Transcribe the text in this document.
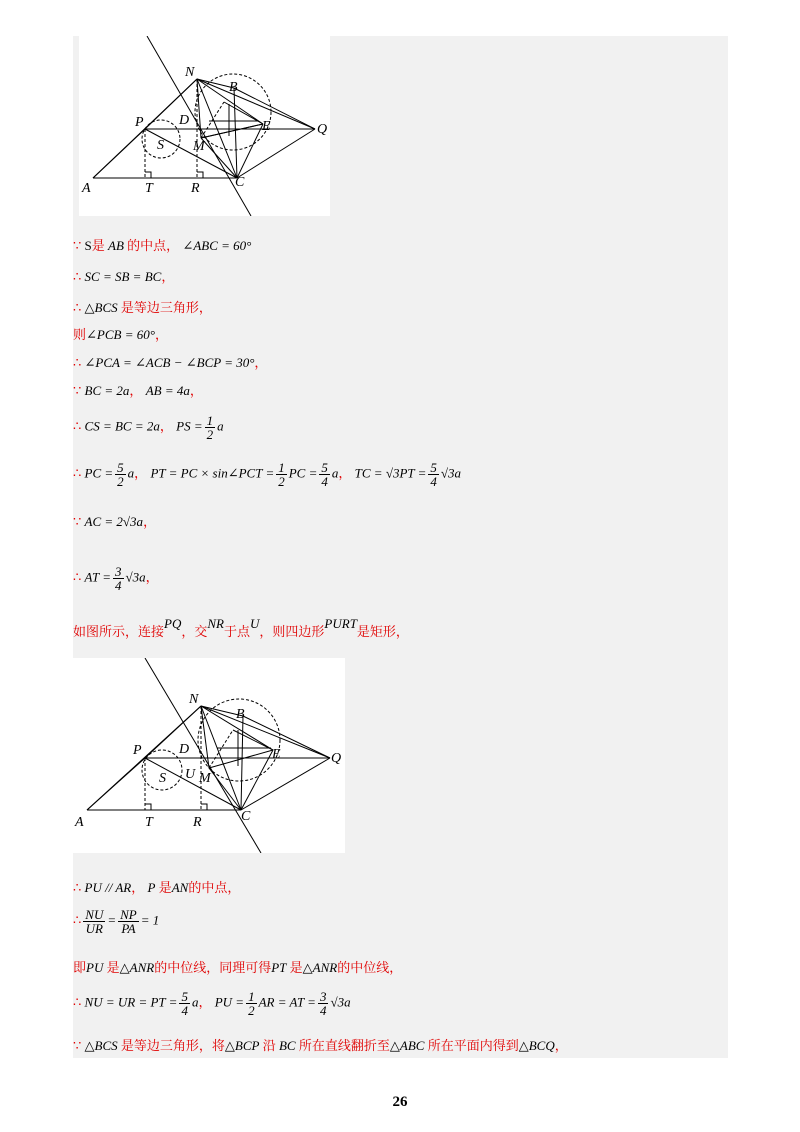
N
B
P	D	E	Q
S M
A	T	R	C
∵ S是 AB 的中点， ∠ABC = 60°
∴ SC = SB = BC，
∴ △BCS 是等边三角形，
则∠PCB = 60°，
∴ ∠PCA = ∠ACB − ∠BCP = 30°，
∵ BC = 2a， AB = 4a，
∴ CS = BC = 2a， PS = $\frac{1}{2}$ a
∴ PC = $\frac{5}{2}$ a， PT = PC × sin∠PCT = $\frac{1}{2}$ PC = $\frac{5}{4}$ a， TC = $√3PT = \frac{5}{4} √3a$
∵ AC = 2√3a，
∴ AT = $\frac{3}{4} √3a$，
如图所示，连接PQ，交NR于点U，则四边形PURT是矩形，
N
B
P	D	E	Q
S U M
A	T	R	C
∴ PU // AR， P 是AN的中点，
∴ $\frac{NU}{UR} = \frac{NP}{PA} = 1$
即PU 是△ANR的中位线，同理可得PT 是△ANR的中位线，
∴ NU = UR = PT = $\frac{5}{4}$ a， PU = $\frac{1}{2}$ AR = AT = $\frac{3}{4} √3a$
∵ △BCS 是等边三角形，将△BCP 沿 BC 所在直线翻折至△ABC 所在平面内得到△BCQ，
26
